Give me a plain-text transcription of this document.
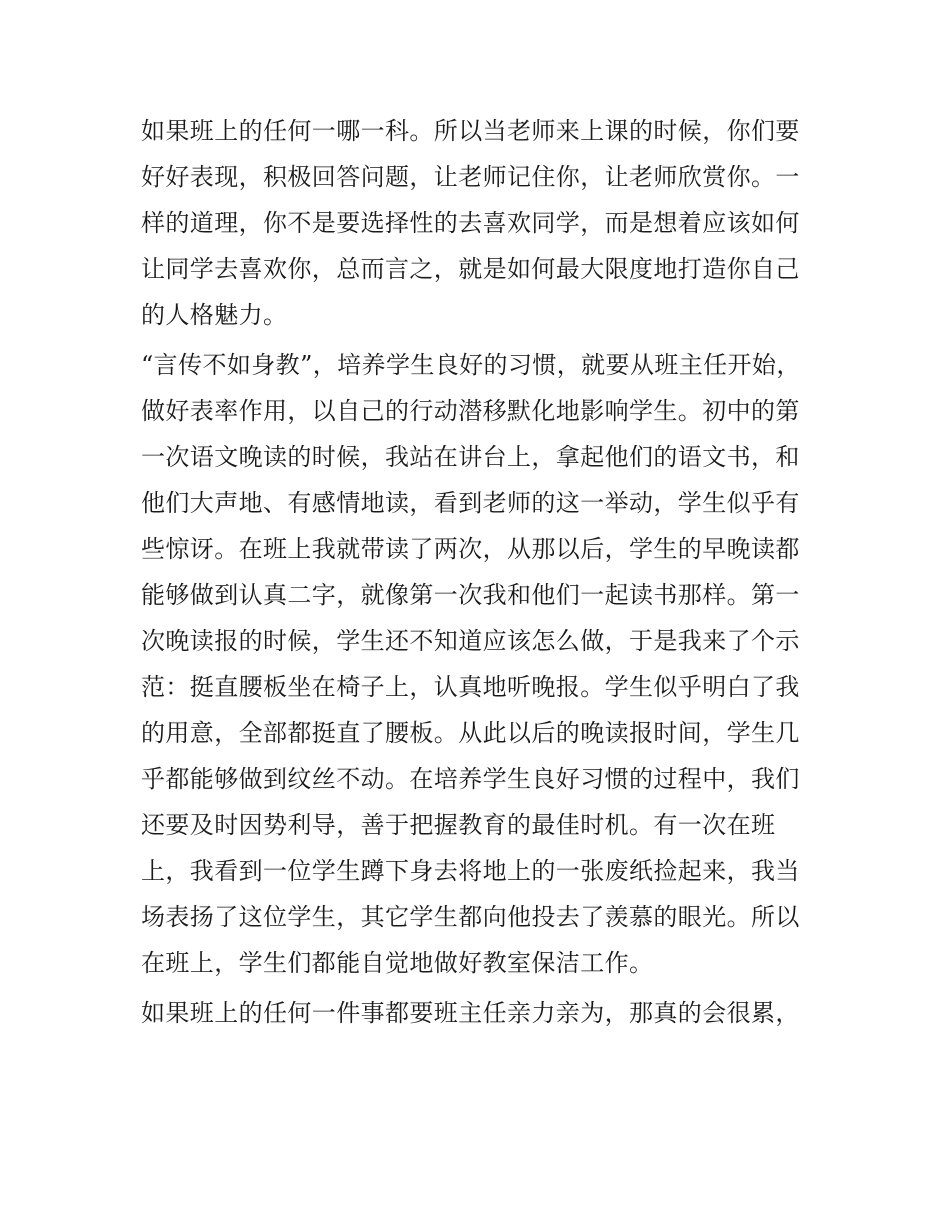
如果班上的任何一哪一科。所以当老师来上课的时候，你们要
好好表现，积极回答问题，让老师记住你，让老师欣赏你。一
样的道理，你不是要选择性的去喜欢同学，而是想着应该如何
让同学去喜欢你，总而言之，就是如何最大限度地打造你自己
的人格魅力。
“言传不如身教”，培养学生良好的习惯，就要从班主任开始，
做好表率作用，以自己的行动潜移默化地影响学生。初中的第
一次语文晚读的时候，我站在讲台上，拿起他们的语文书，和
他们大声地、有感情地读，看到老师的这一举动，学生似乎有
些惊讶。在班上我就带读了两次，从那以后，学生的早晚读都
能够做到认真二字，就像第一次我和他们一起读书那样。第一
次晚读报的时候，学生还不知道应该怎么做，于是我来了个示
范：挺直腰板坐在椅子上，认真地听晚报。学生似乎明白了我
的用意，全部都挺直了腰板。从此以后的晚读报时间，学生几
乎都能够做到纹丝不动。在培养学生良好习惯的过程中，我们
还要及时因势利导，善于把握教育的最佳时机。有一次在班
上，我看到一位学生蹲下身去将地上的一张废纸捡起来，我当
场表扬了这位学生，其它学生都向他投去了羡慕的眼光。所以
在班上，学生们都能自觉地做好教室保洁工作。
如果班上的任何一件事都要班主任亲力亲为，那真的会很累，
